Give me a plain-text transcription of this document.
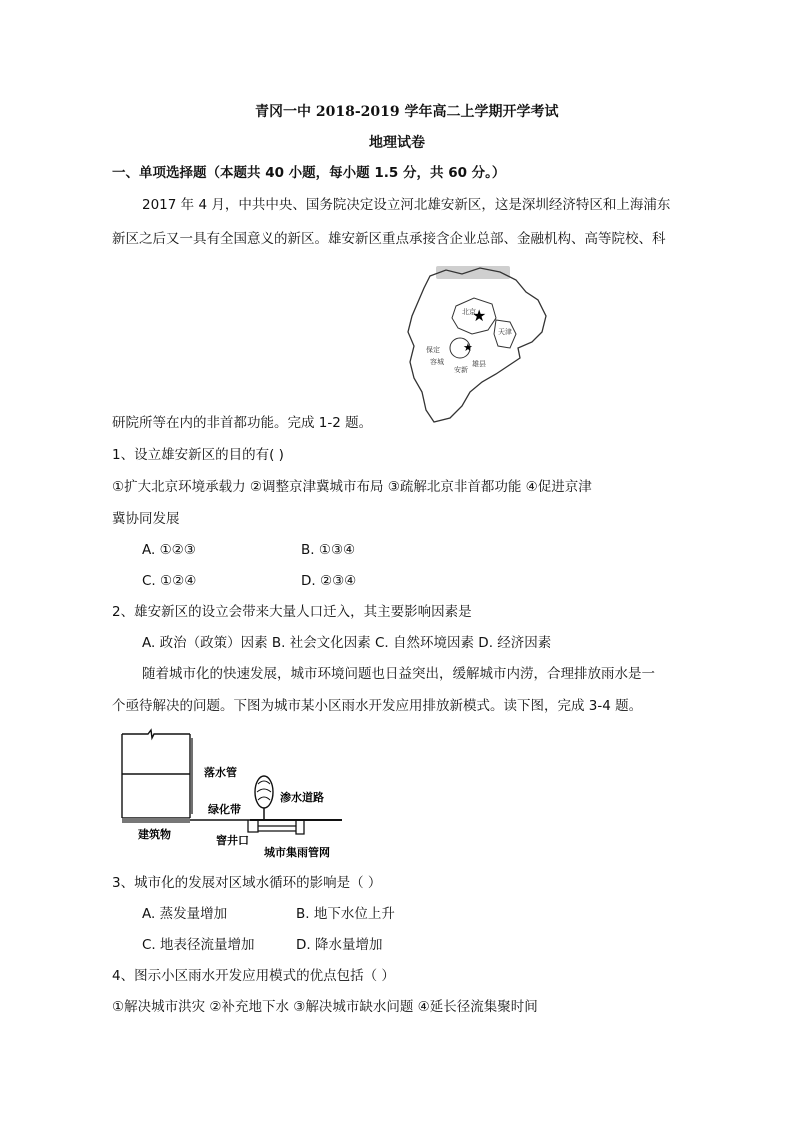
青冈一中 2018-2019 学年高二上学期开学考试
地理试卷
一、单项选择题（本题共 40 小题，每小题 1.5 分，共 60 分。）
2017 年 4 月，中共中央、国务院决定设立河北雄安新区，这是深圳经济特区和上海浦东
新区之后又一具有全国意义的新区。雄安新区重点承接含企业总部、金融机构、高等院校、科
★
★
北京
天津
保定
雄县
容城
安新
研院所等在内的非首都功能。完成 1-2 题。
1、设立雄安新区的目的有( )
①扩大北京环境承载力 ②调整京津冀城市布局 ③疏解北京非首都功能 ④促进京津
冀协同发展
A. ①②③	B. ①③④
C. ①②④	D. ②③④
2、雄安新区的设立会带来大量人口迁入，其主要影响因素是
A. 政治（政策）因素 B. 社会文化因素 C. 自然环境因素 D. 经济因素
随着城市化的快速发展，城市环境问题也日益突出，缓解城市内涝，合理排放雨水是一
个亟待解决的问题。下图为城市某小区雨水开发应用排放新模式。读下图，完成 3-4 题。
落水管
绿化带
渗水道路
建筑物	窨井口
城市集雨管网
3、城市化的发展对区域水循环的影响是（ ）
A. 蒸发量增加	B. 地下水位上升
C. 地表径流量增加	D. 降水量增加
4、图示小区雨水开发应用模式的优点包括（ ）
①解决城市洪灾 ②补充地下水 ③解决城市缺水问题 ④延长径流集聚时间
